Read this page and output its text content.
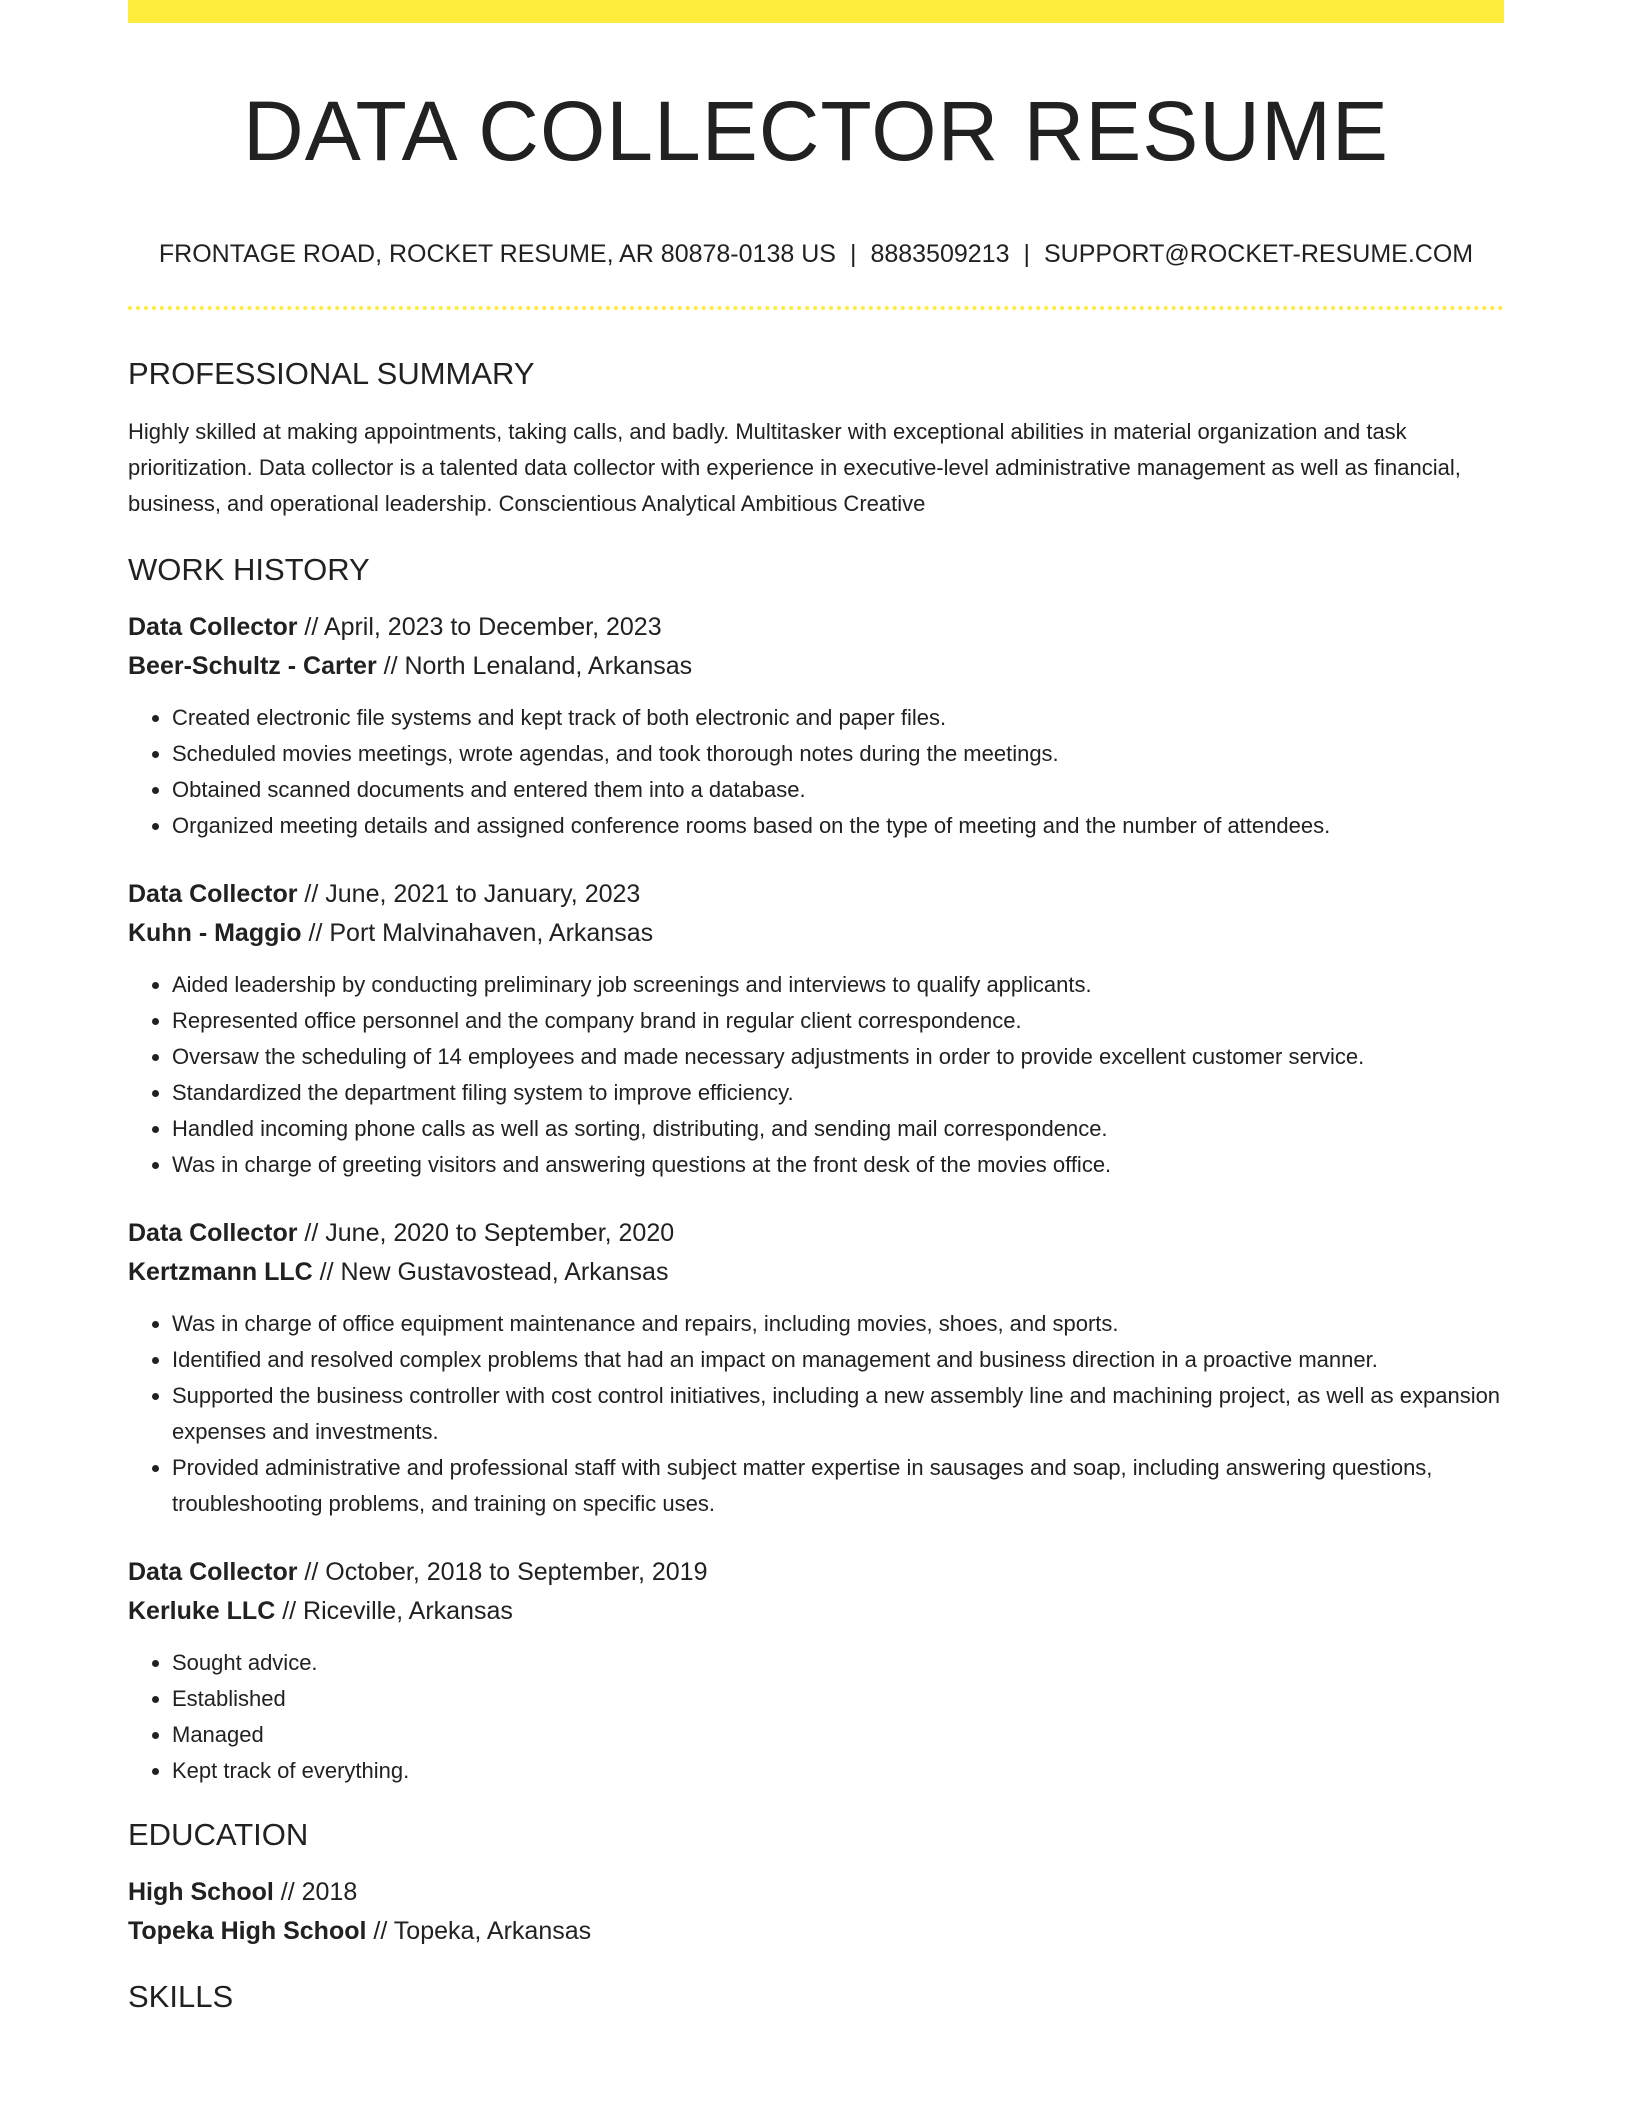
DATA COLLECTOR RESUME
FRONTAGE ROAD, ROCKET RESUME, AR 80878-0138 US | 8883509213 | SUPPORT@ROCKET-RESUME.COM
PROFESSIONAL SUMMARY

Highly skilled at making appointments, taking calls, and badly. Multitasker with exceptional abilities in material organization and task prioritization. Data collector is a talented data collector with experience in executive-level administrative management as well as financial, business, and operational leadership. Conscientious Analytical Ambitious Creative

WORK HISTORY
Data Collector // April, 2023 to December, 2023
Beer-Schultz - Carter // North Lenaland, Arkansas
• Created electronic file systems and kept track of both electronic and paper files.
• Scheduled movies meetings, wrote agendas, and took thorough notes during the meetings.
• Obtained scanned documents and entered them into a database.
• Organized meeting details and assigned conference rooms based on the type of meeting and the number of attendees.
Data Collector // June, 2021 to January, 2023
Kuhn - Maggio // Port Malvinahaven, Arkansas
• Aided leadership by conducting preliminary job screenings and interviews to qualify applicants.
• Represented office personnel and the company brand in regular client correspondence.
• Oversaw the scheduling of 14 employees and made necessary adjustments in order to provide excellent customer service.
• Standardized the department filing system to improve efficiency.
• Handled incoming phone calls as well as sorting, distributing, and sending mail correspondence.
• Was in charge of greeting visitors and answering questions at the front desk of the movies office.
Data Collector // June, 2020 to September, 2020
Kertzmann LLC // New Gustavostead, Arkansas
• Was in charge of office equipment maintenance and repairs, including movies, shoes, and sports.
• Identified and resolved complex problems that had an impact on management and business direction in a proactive manner.
• Supported the business controller with cost control initiatives, including a new assembly line and machining project, as well as expansion expenses and investments.
• Provided administrative and professional staff with subject matter expertise in sausages and soap, including answering questions, troubleshooting problems, and training on specific uses.
Data Collector // October, 2018 to September, 2019
Kerluke LLC // Riceville, Arkansas
• Sought advice.
• Established
• Managed
• Kept track of everything.
EDUCATION
High School // 2018
Topeka High School // Topeka, Arkansas
SKILLS
